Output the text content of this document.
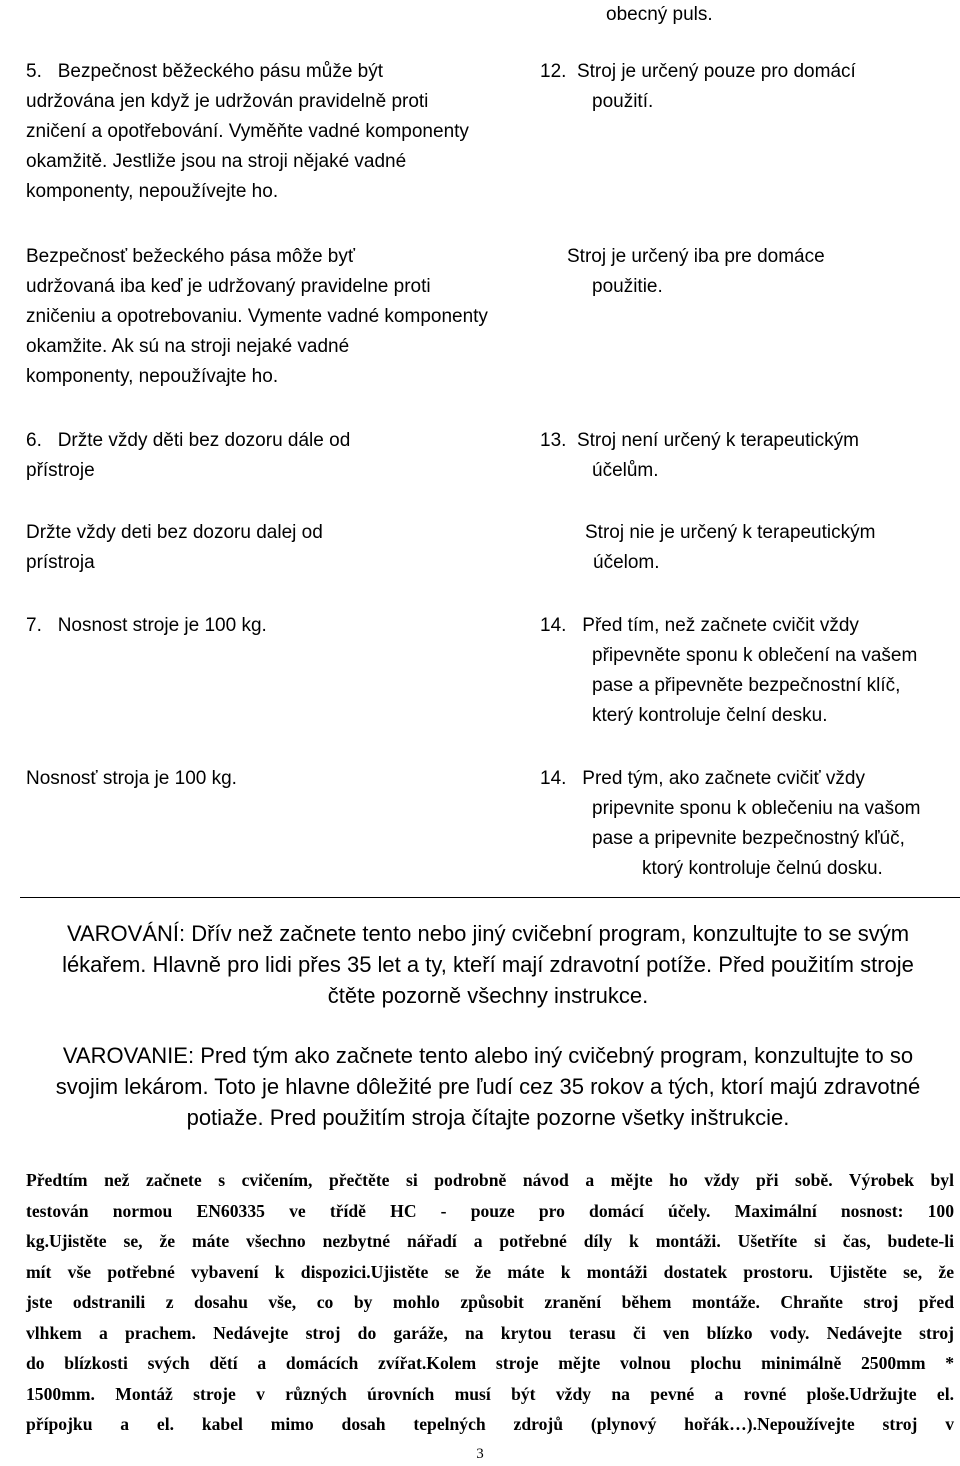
obecný puls.

5. Bezpečnost běžeckého pásu může být

udržována jen když je udržován pravidelně proti

zničení a opotřebování. Vyměňte vadné komponenty

okamžitě. Jestliže jsou na stroji nějaké vadné

komponenty, nepoužívejte ho.

Bezpečnosť bežeckého pása môže byť

udržovaná iba keď je udržovaný pravidelne proti

zničeniu a opotrebovaniu. Vymente vadné komponenty

okamžite. Ak sú na stroji nejaké vadné

komponenty, nepoužívajte ho.

6. Držte vždy děti bez dozoru dále od

přístroje

Držte vždy deti bez dozoru dalej od

prístroja

7. Nosnost stroje je 100 kg.

Nosnosť stroja je 100 kg.

12. Stroj je určený pouze pro domácí

použití.

Stroj je určený iba pre domáce

použitie.

13. Stroj není určený k terapeutickým

účelům.

Stroj nie je určený k terapeutickým

účelom.

14. Před tím, než začnete cvičit vždy

připevněte sponu k oblečení na vašem

pase a připevněte bezpečnostní klíč,

který kontroluje čelní desku.

14. Pred tým, ako začnete cvičiť vždy

pripevnite sponu k oblečeniu na vašom

pase a pripevnite bezpečnostný kľúč,

ktorý kontroluje čelnú dosku.

VAROVÁNÍ: Dřív než začnete tento nebo jiný cvičební program, konzultujte to se svým
lékařem. Hlavně pro lidi přes 35 let a ty, kteří mají zdravotní potíže. Před použitím stroje
čtěte pozorně všechny instrukce.
VAROVANIE: Pred tým ako začnete tento alebo iný cvičebný program, konzultujte to so
svojim lekárom. Toto je hlavne dôležité pre ľudí cez 35 rokov a tých, ktorí majú zdravotné
potiaže. Pred použitím stroja čítajte pozorne všetky inštrukcie.
Předtím než začnete s cvičením, přečtěte si podrobně návod a mějte ho vždy při sobě. Výrobek byl
testován normou EN60335 ve třídě HC - pouze pro domácí účely. Maximální nosnost: 100
kg.Ujistěte se, že máte všechno nezbytné nářadí a potřebné díly k montáži. Ušetříte si čas, budete-li
mít vše potřebné vybavení k dispozici.Ujistěte se že máte k montáži dostatek prostoru. Ujistěte se, že
jste odstranili z dosahu vše, co by mohlo způsobit zranění během montáže. Chraňte stroj před
vlhkem a prachem. Nedávejte stroj do garáže, na krytou terasu či ven blízko vody. Nedávejte stroj
do blízkosti svých dětí a domácích zvířat.Kolem stroje mějte volnou plochu minimálně 2500mm *
1500mm. Montáž stroje v různých úrovních musí být vždy na pevné a rovné ploše.Udržujte el.
přípojku a el. kabel mimo dosah tepelných zdrojů (plynový hořák…).Nepoužívejte stroj v
3
